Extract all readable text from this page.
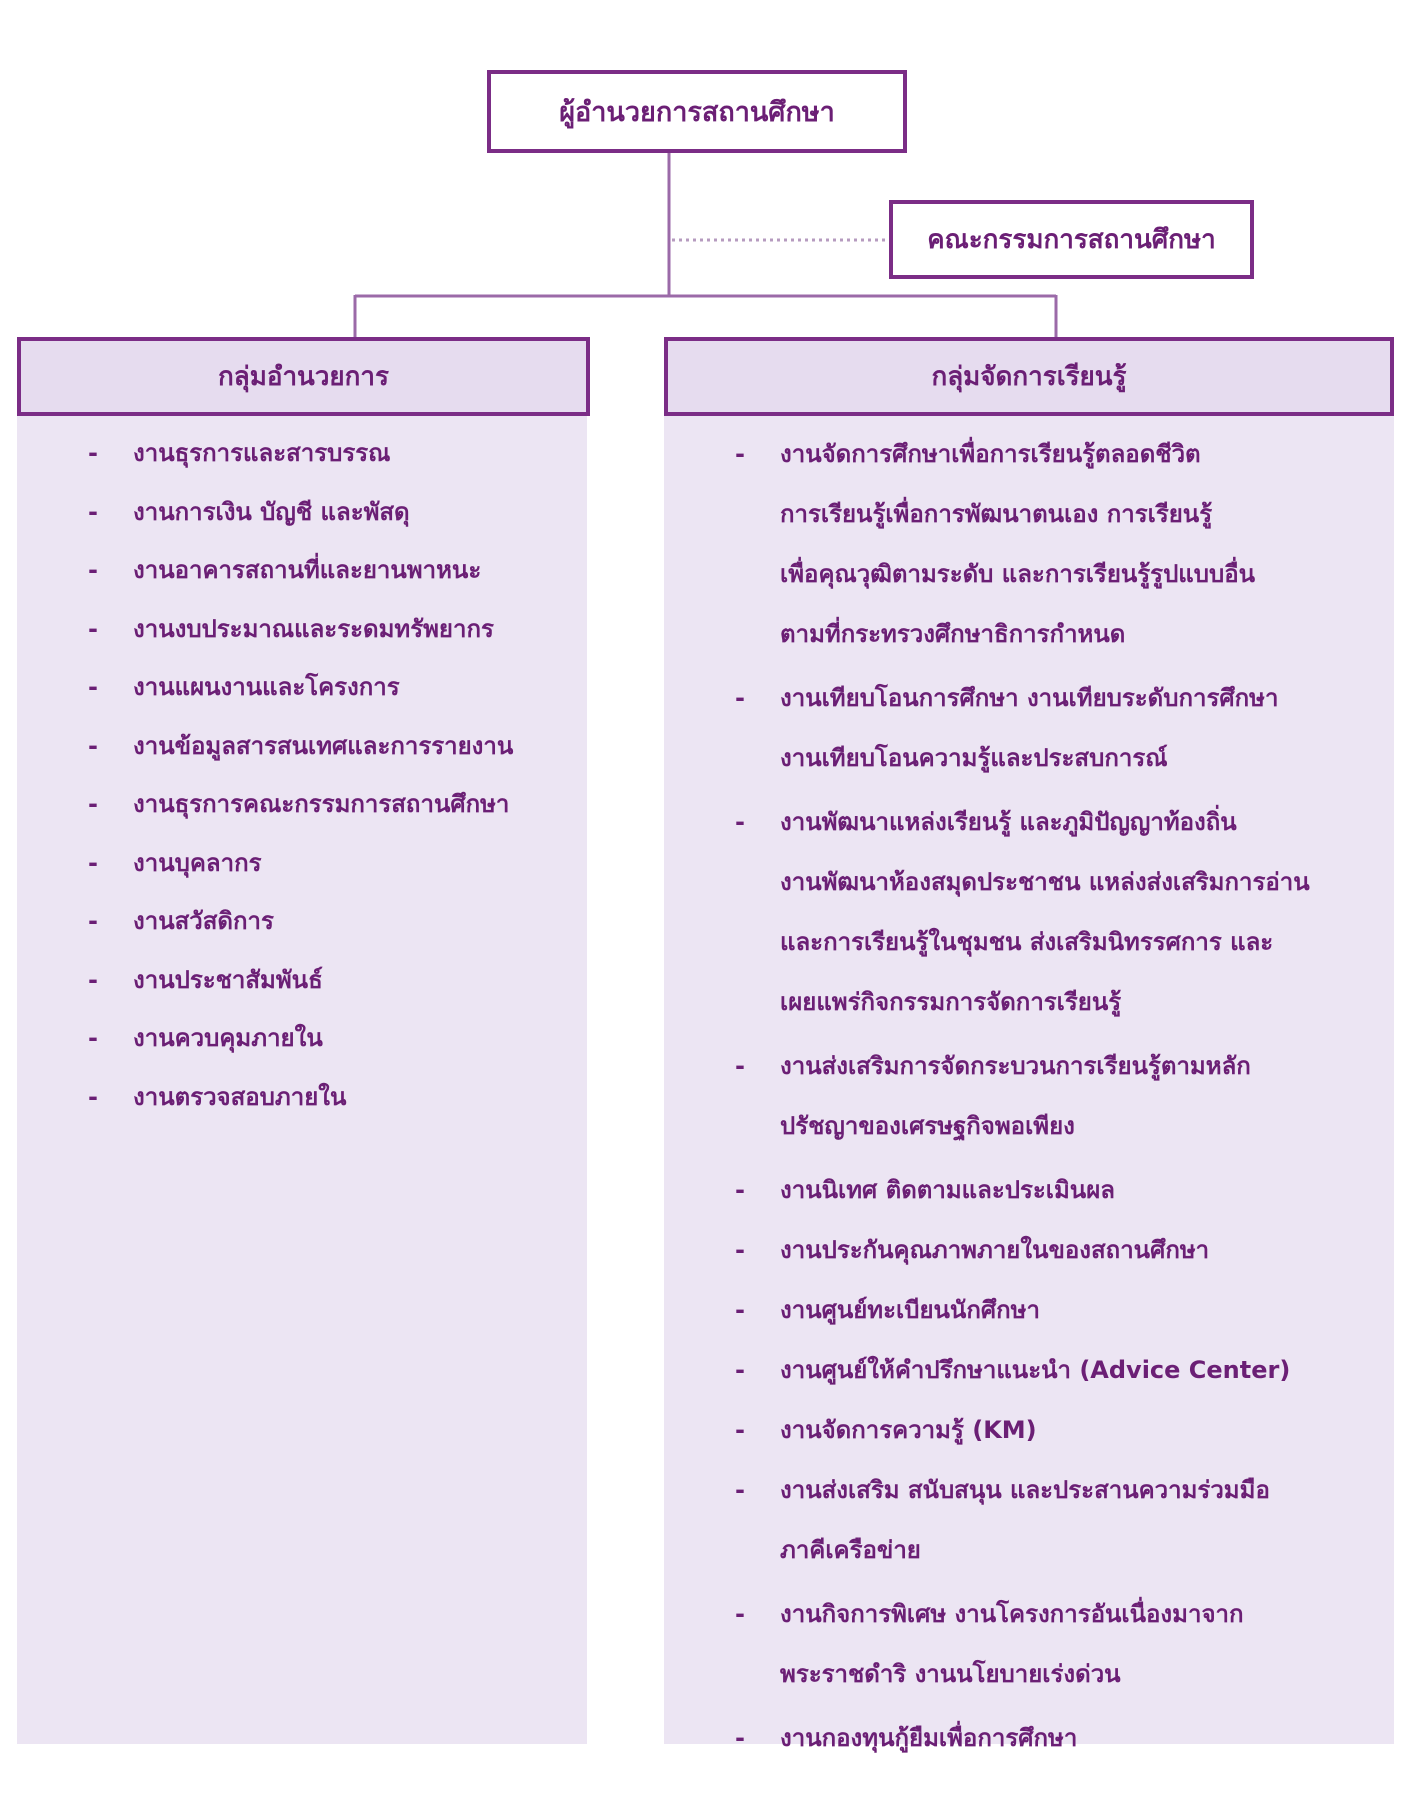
ผู้อำนวยการสถานศึกษา
คณะกรรมการสถานศึกษา
กลุ่มอำนวยการ	กลุ่มจัดการเรียนรู้
- งานธุรการและสารบรรณ
- งานการเงิน บัญชี และพัสดุ
- งานอาคารสถานที่และยานพาหนะ
- งานงบประมาณและระดมทรัพยากร
- งานแผนงานและโครงการ
- งานข้อมูลสารสนเทศและการรายงาน
- งานธุรการคณะกรรมการสถานศึกษา
- งานบุคลากร
- งานสวัสดิการ
- งานประชาสัมพันธ์
- งานควบคุมภายใน
- งานตรวจสอบภายใน
- งานจัดการศึกษาเพื่อการเรียนรู้ตลอดชีวิต
การเรียนรู้เพื่อการพัฒนาตนเอง การเรียนรู้
เพื่อคุณวุฒิตามระดับ และการเรียนรู้รูปแบบอื่น
ตามที่กระทรวงศึกษาธิการกำหนด
- งานเทียบโอนการศึกษา งานเทียบระดับการศึกษา
งานเทียบโอนความรู้และประสบการณ์
- งานพัฒนาแหล่งเรียนรู้ และภูมิปัญญาท้องถิ่น
งานพัฒนาห้องสมุดประชาชน แหล่งส่งเสริมการอ่าน
และการเรียนรู้ในชุมชน ส่งเสริมนิทรรศการ และ
เผยแพร่กิจกรรมการจัดการเรียนรู้
- งานส่งเสริมการจัดกระบวนการเรียนรู้ตามหลัก
ปรัชญาของเศรษฐกิจพอเพียง
- งานนิเทศ ติดตามและประเมินผล
- งานประกันคุณภาพภายในของสถานศึกษา
- งานศูนย์ทะเบียนนักศึกษา
- งานศูนย์ให้คำปรึกษาแนะนำ (Advice Center)
- งานจัดการความรู้ (KM)
- งานส่งเสริม สนับสนุน และประสานความร่วมมือ
ภาคีเครือข่าย
- งานกิจการพิเศษ งานโครงการอันเนื่องมาจาก
พระราชดำริ งานนโยบายเร่งด่วน
- งานกองทุนกู้ยืมเพื่อการศึกษา
